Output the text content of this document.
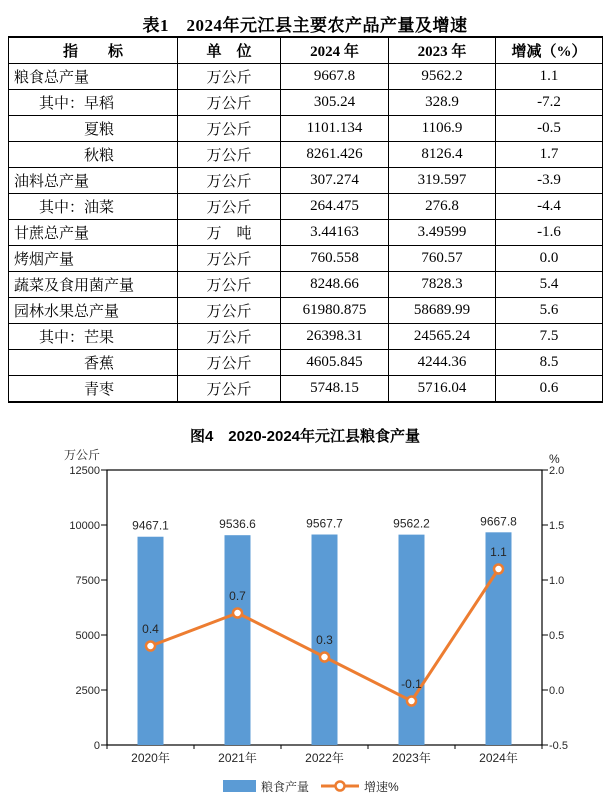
表1　2024年元江县主要农产品产量及增速
指　　标	单　位	2024 年	2023 年	增减（%）
粮食总产量	万公斤	9667.8	9562.2	1.1
其中：早稻	万公斤	305.24	328.9	-7.2
夏粮	万公斤	1101.134	1106.9	-0.5
秋粮	万公斤	8261.426	8126.4	1.7
油料总产量	万公斤	307.274	319.597	-3.9
其中：油菜	万公斤	264.475	276.8	-4.4
甘蔗总产量	万　吨	3.44163	3.49599	-1.6
烤烟产量	万公斤	760.558	760.57	0.0
蔬菜及食用菌产量	万公斤	8248.66	7828.3	5.4
园林水果总产量	万公斤	61980.875	58689.99	5.6
其中：芒果	万公斤	26398.31	24565.24	7.5
香蕉	万公斤	4605.845	4244.36	8.5
青枣	万公斤	5748.15	5716.04	0.6
图4　2020-2024年元江县粮食产量
万公斤	%
0
2500
5000
7500
10000
12500
-0.5
0.0
0.5
1.0
1.5
2.0
2020年	2021年	2022年	2023年	2024年
9467.1	9536.6	9567.7	9562.2	9667.8
0.4
0.7
0.3
-0.1
1.1
粮食产量	增速%
